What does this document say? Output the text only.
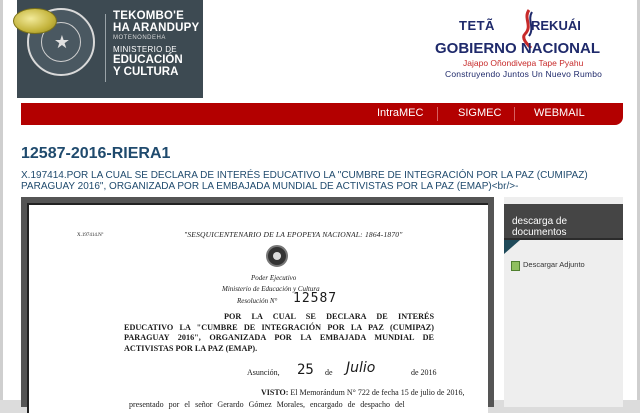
★
TEKOMBO'E
HA ARANDUPY
MOTENONDEHA
MINISTERIO DE
EDUCACIÓN
Y CULTURA
TETÃ	REKUÁI
GOBIERNO NACIONAL
Jajapo Oñondivepa Tape Pyahu
Construyendo Juntos Un Nuevo Rumbo
IntraMEC	SIGMEC	WEBMAIL
12587-2016-RIERA1
X.197414.POR LA CUAL SE DECLARA DE INTERÉS EDUCATIVO LA "CUMBRE DE INTEGRACIÓN POR LA PAZ (CUMIPAZ) PARAGUAY 2016", ORGANIZADA POR LA EMBAJADA MUNDIAL DE ACTIVISTAS POR LA PAZ (EMAP)<br/>-
X.197414.Nº	"SESQUICENTENARIO DE LA EPOPEYA NACIONAL: 1864-1870"
Poder Ejecutivo
Ministerio de Educación y Cultura
Resolución N° 12587
POR LA CUAL SE DECLARA DE INTERÉS EDUCATIVO LA "CUMBRE DE INTEGRACIÓN POR LA PAZ (CUMIPAZ) PARAGUAY 2016", ORGANIZADA POR LA EMBAJADA MUNDIAL DE ACTIVISTAS POR LA PAZ (EMAP).
Asunción, 25 de Julio	de 2016
VISTO: El Memorándum N° 722 de fecha 15 de julio de 2016,
presentado por el señor Gerardo Gómez Morales, encargado de despacho del
descarga de documentos
Descargar Adjunto
